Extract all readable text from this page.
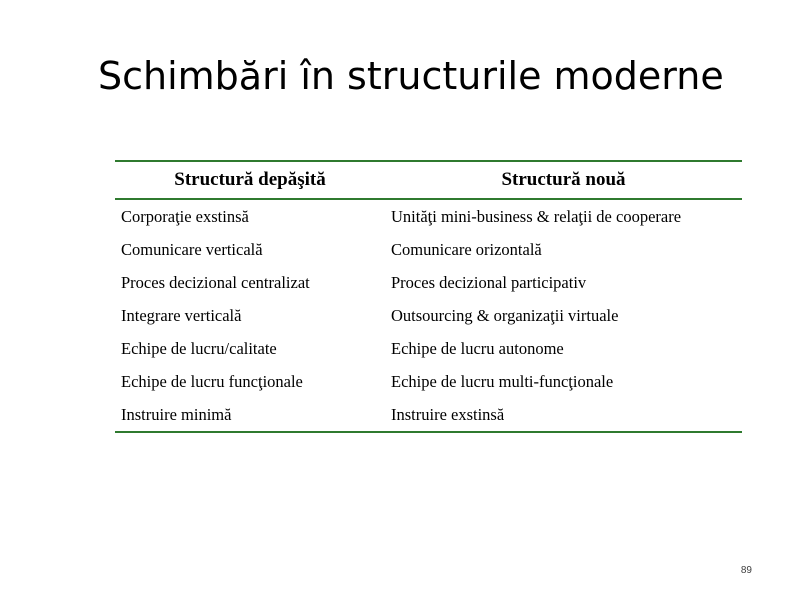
Schimbări în structurile moderne
Structură depăşită	Structură nouă
Corporaţie exstinsă	Unităţi mini-business & relaţii de cooperare
Comunicare verticală	Comunicare orizontală
Proces decizional centralizat	Proces decizional participativ
Integrare verticală	Outsourcing & organizaţii virtuale
Echipe de lucru/calitate	Echipe de lucru autonome
Echipe de lucru funcţionale	Echipe de lucru multi-funcţionale
Instruire minimă	Instruire exstinsă
89
